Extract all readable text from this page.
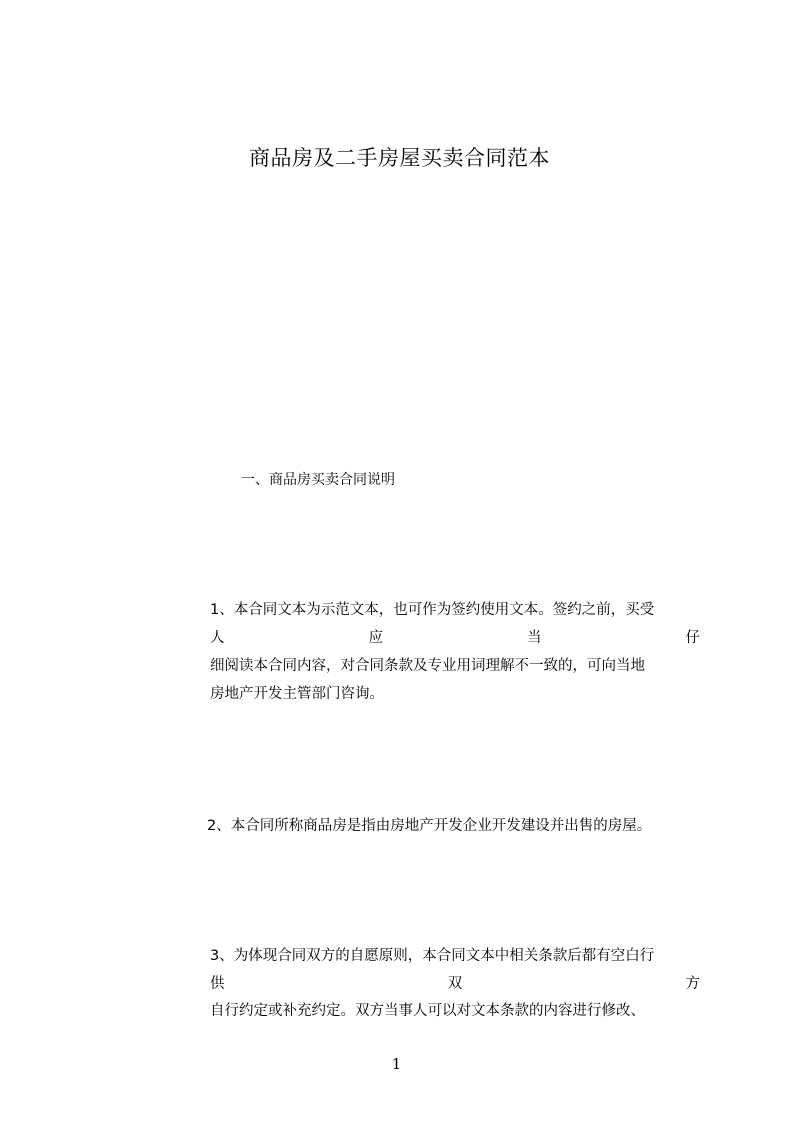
商品房及二手房屋买卖合同范本
一、商品房买卖合同说明
1、本合同文本为示范文本，也可作为签约使用文本。签约之前，买受
人	应	当	仔
细阅读本合同内容，对合同条款及专业用词理解不一致的，可向当地
房地产开发主管部门咨询。
2、本合同所称商品房是指由房地产开发企业开发建设并出售的房屋。
3、为体现合同双方的自愿原则，本合同文本中相关条款后都有空白行
供	双	方
自行约定或补充约定。双方当事人可以对文本条款的内容进行修改、
1
